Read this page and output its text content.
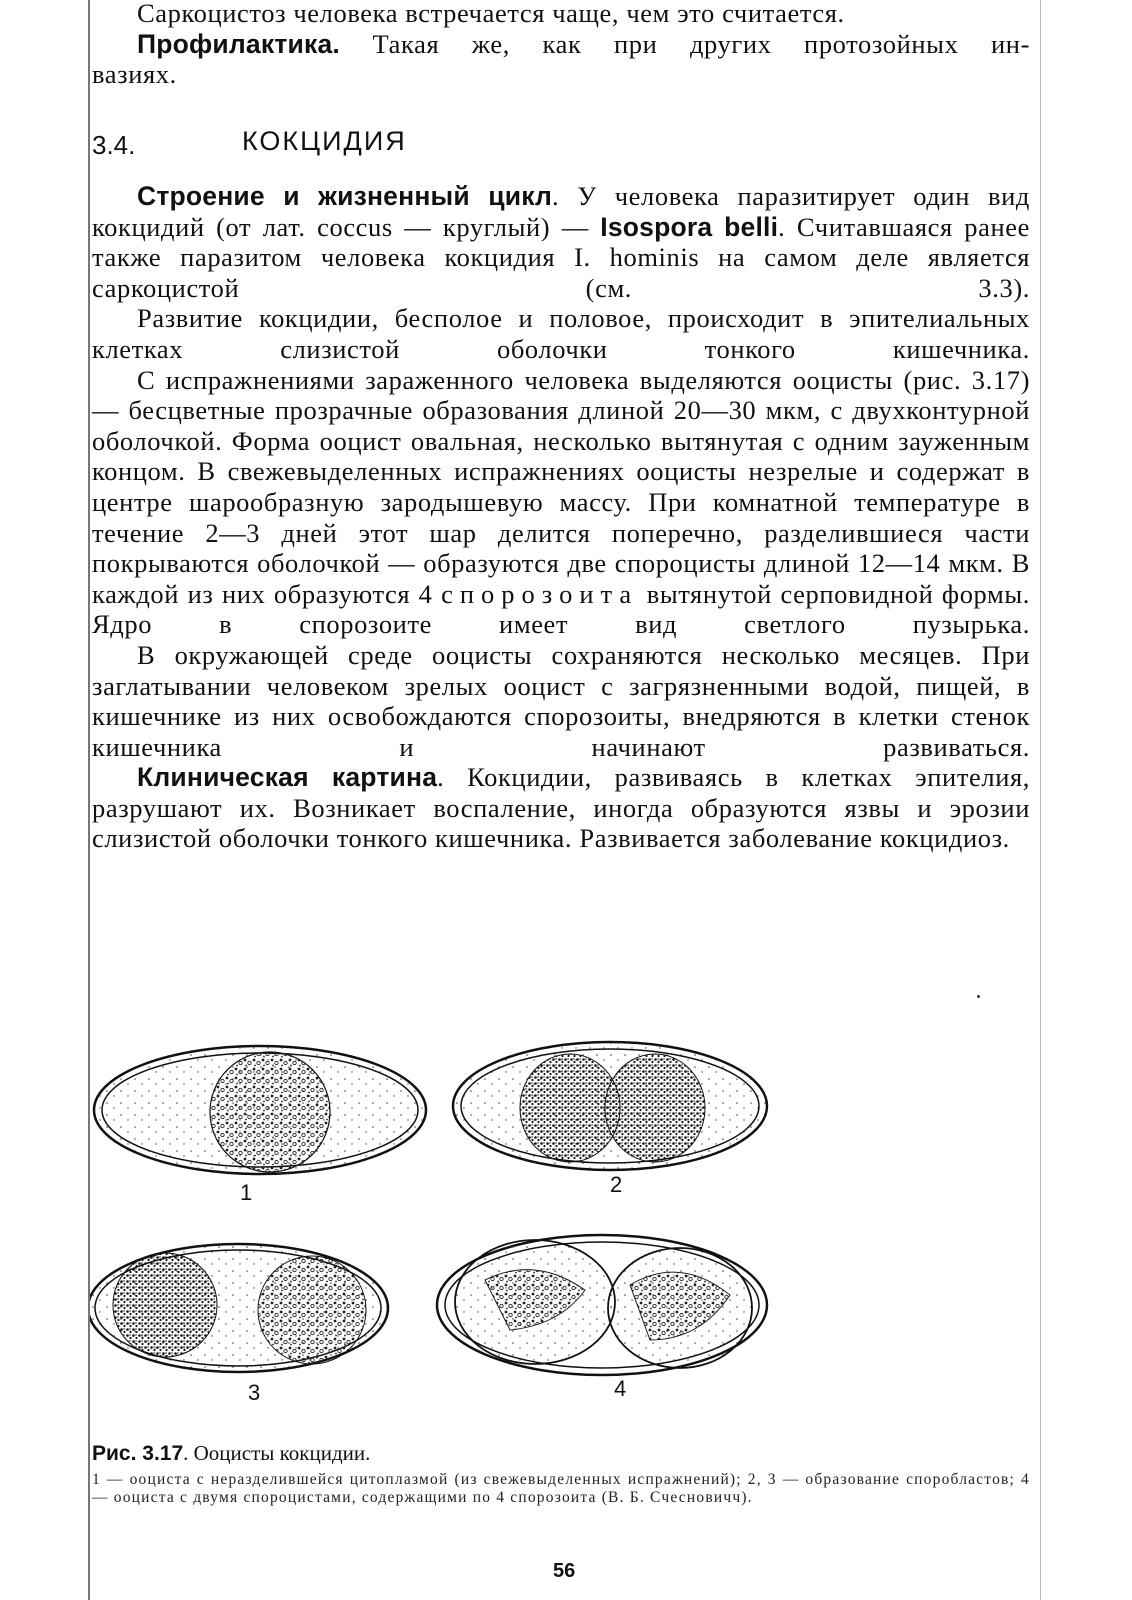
Саркоцистоз человека встречается чаще, чем это считается.

Профилактика. Такая же, как при других протозойных ин-

вазиях.

3.4.	КОКЦИДИЯ

Строение и жизненный цикл. У человека паразитирует один вид кокцидий (от лат. coccus — круглый) — Isosporа belli. Считавшаяся ранее также паразитом человека кокцидия I. hominis на самом деле является саркоцистой (см. 3.3).

Развитие кокцидии, бесполое и половое, происходит в эпителиальных клетках слизистой оболочки тонкого кишечника.

С испражнениями зараженного человека выделяются ооцисты (рис. 3.17) — бесцветные прозрачные образования длиной 20—30 мкм, с двухконтурной оболочкой. Форма ооцист овальная, несколько вытянутая с одним зауженным концом. В свежевыделенных испражнениях ооцисты незрелые и содержат в центре шарообразную зародышевую массу. При комнатной температуре в течение 2—3 дней этот шар делится поперечно, разделившиеся части покрываются оболочкой — образуются две спороцисты длиной 12—14 мкм. В каждой из них образуются 4 спорозоита вытянутой серповидной формы. Ядро в спорозоите имеет вид светлого пузырька.

В окружающей среде ооцисты сохраняются несколько месяцев. При заглатывании человеком зрелых ооцист с загрязненными водой, пищей, в кишечнике из них освобождаются спорозоиты, внедряются в клетки стенок кишечника и начинают развиваться.

Клиническая картина. Кокцидии, развиваясь в клетках эпителия, разрушают их. Возникает воспаление, иногда образуются язвы и эрозии слизистой оболочки тонкого кишечника. Развивается заболевание кокцидиоз.

1	2
3	4
Рис. 3.17. Ооцисты кокцидии.

1 — ооциста с неразделившейся цитоплазмой (из свежевыделенных испражнений); 2, 3 — образование споробластов; 4 — ооциста с двумя спороцистами, содержащими по 4 спорозоита (В. Б. Счесновичч).

56
